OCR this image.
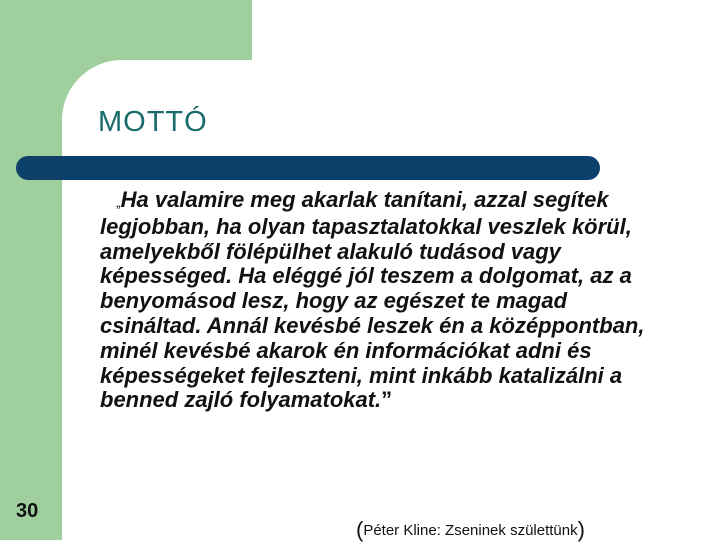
MOTTÓ

„Ha valamire meg akarlak tanítani, azzal segítek legjobban, ha olyan tapasztalatokkal veszlek körül, amelyekből fölépülhet alakuló tudásod vagy képességed. Ha eléggé jól teszem a dolgomat, az a benyomásod lesz, hogy az egészet te magad csináltad. Annál kevésbé leszek én a középpontban, minél kevésbé akarok én információkat adni és képességeket fejleszteni, mint inkább katalizálni a benned zajló folyamatokat.”

(Péter Kline: Zseninek születtünk)
30
